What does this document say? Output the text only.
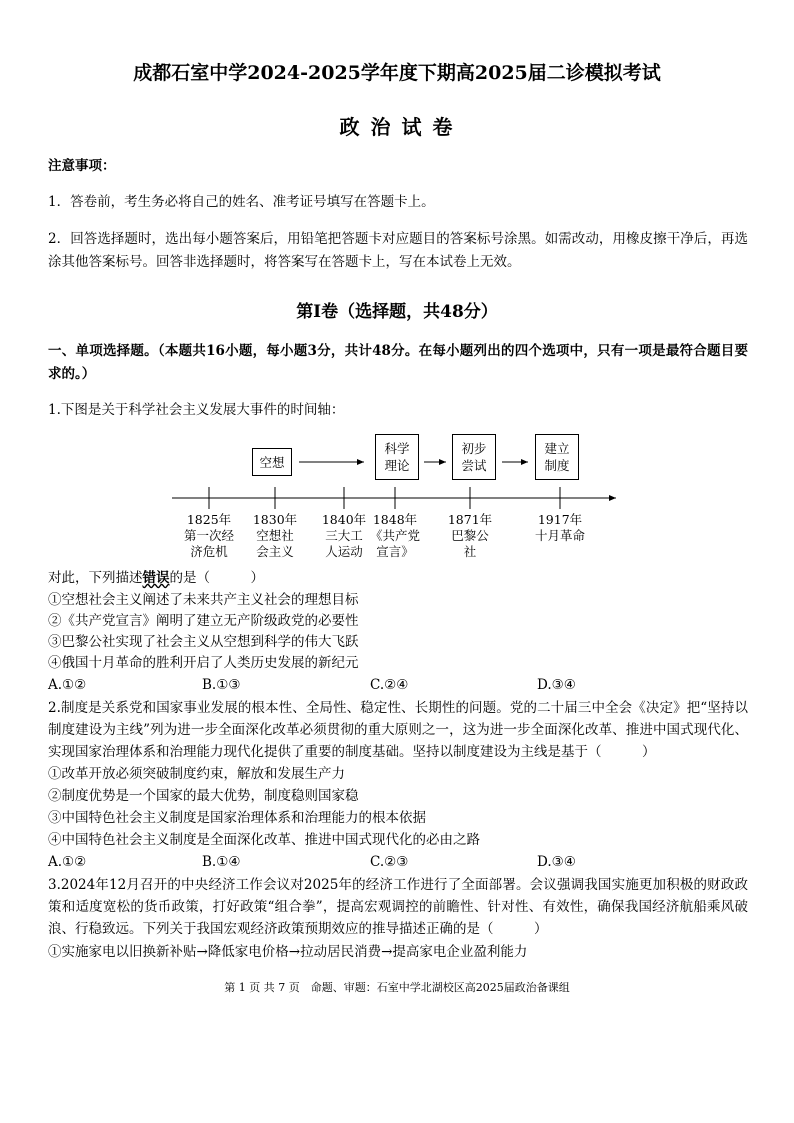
成都石室中学2024-2025学年度下期高2025届二诊模拟考试
政 治 试 卷
注意事项：
1．答卷前，考生务必将自己的姓名、准考证号填写在答题卡上。
2．回答选择题时，选出每小题答案后，用铅笔把答题卡对应题目的答案标号涂黑。如需改动，用橡皮擦干净后，再选涂其他答案标号。回答非选择题时，将答案写在答题卡上，写在本试卷上无效。
第Ⅰ卷（选择题，共48分）
一、单项选择题。（本题共16小题，每小题3分，共计48分。在每小题列出的四个选项中，只有一项是最符合题目要求的。）
1.下图是关于科学社会主义发展大事件的时间轴：
空想
科学
理论
初步
尝试
建立
制度
1825年
第一次经
济危机
1830年
空想社
会主义
1840年
三大工
人运动
1848年
《共产党
宣言》
1871年
巴黎公
社
1917年
十月革命
对此，下列描述错误的是（　　　）
①空想社会主义阐述了未来共产主义社会的理想目标
②《共产党宣言》阐明了建立无产阶级政党的必要性
③巴黎公社实现了社会主义从空想到科学的伟大飞跃
④俄国十月革命的胜利开启了人类历史发展的新纪元
A.①②	B.①③	C.②④	D.③④
2.制度是关系党和国家事业发展的根本性、全局性、稳定性、长期性的问题。党的二十届三中全会《决定》把“坚持以制度建设为主线”列为进一步全面深化改革必须贯彻的重大原则之一，这为进一步全面深化改革、推进中国式现代化、实现国家治理体系和治理能力现代化提供了重要的制度基础。坚持以制度建设为主线是基于（　　　）
①改革开放必须突破制度约束，解放和发展生产力
②制度优势是一个国家的最大优势，制度稳则国家稳
③中国特色社会主义制度是国家治理体系和治理能力的根本依据
④中国特色社会主义制度是全面深化改革、推进中国式现代化的必由之路
A.①②	B.①④	C.②③	D.③④
3.2024年12月召开的中央经济工作会议对2025年的经济工作进行了全面部署。会议强调我国实施更加积极的财政政策和适度宽松的货币政策，打好政策“组合拳”，提高宏观调控的前瞻性、针对性、有效性，确保我国经济航船乘风破浪、行稳致远。下列关于我国宏观经济政策预期效应的推导描述正确的是（　　　）
①实施家电以旧换新补贴→降低家电价格→拉动居民消费→提高家电企业盈利能力
第 1 页 共 7 页　命题、审题：石室中学北湖校区高2025届政治备课组
